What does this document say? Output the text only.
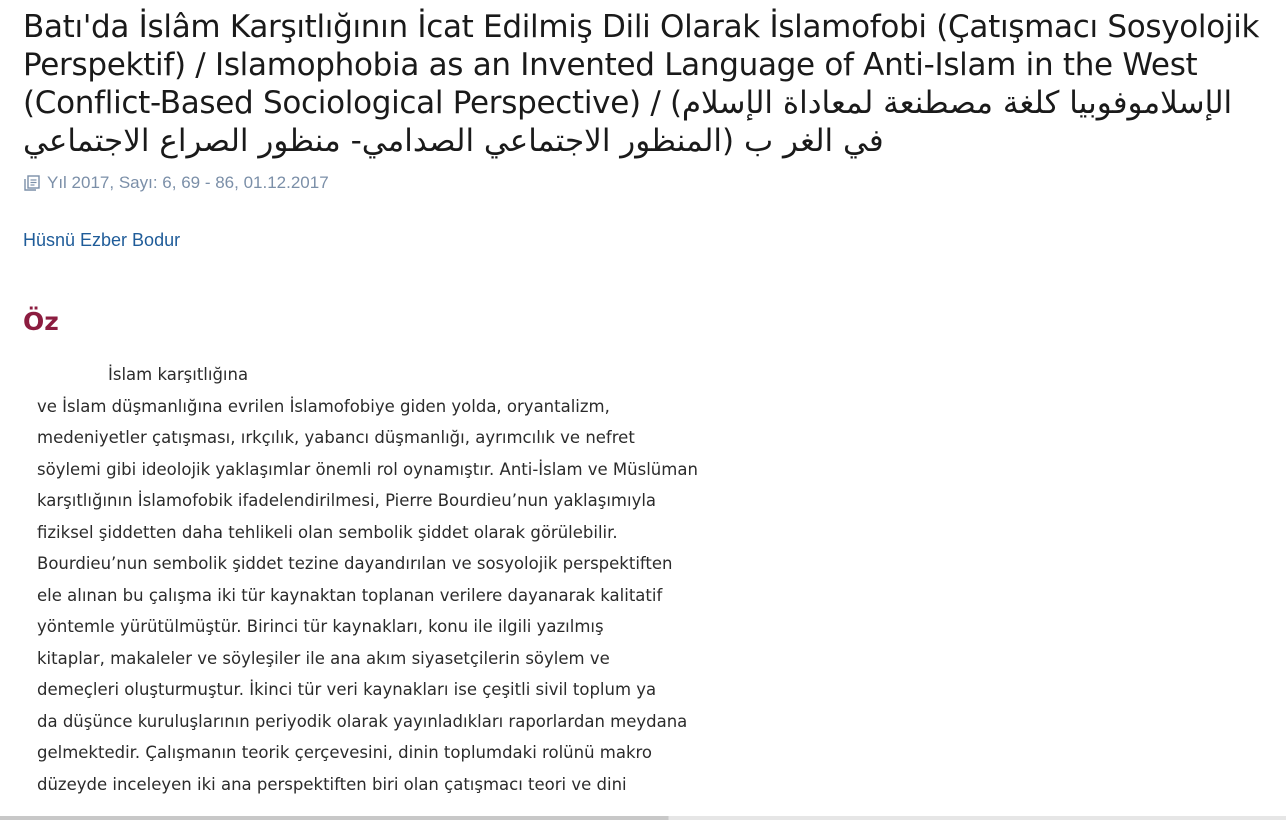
Batı'da İslâm Karşıtlığının İcat Edilmiş Dili Olarak İslamofobi (Çatışmacı Sosyolojik Perspektif) / Islamophobia as an Invented Language of Anti-Islam in the West (Conflict-Based Sociological Perspective) / (الإسلاموفوبيا كلغة مصطنعة لمعاداة الإسلام في الغر ب (المنظور الاجتماعي الصدامي- منظور الصراع الاجتماعي
Yıl 2017, Sayı: 6, 69 - 86, 01.12.2017
Hüsnü Ezber Bodur
Öz
İslam karşıtlığına
ve İslam düşmanlığına evrilen İslamofobiye giden yolda, oryantalizm,
medeniyetler çatışması, ırkçılık, yabancı düşmanlığı, ayrımcılık ve nefret
söylemi gibi ideolojik yaklaşımlar önemli rol oynamıştır. Anti-İslam ve Müslüman
karşıtlığının İslamofobik ifadelendirilmesi, Pierre Bourdieu’nun yaklaşımıyla
fiziksel şiddetten daha tehlikeli olan sembolik şiddet olarak görülebilir.
Bourdieu’nun sembolik şiddet tezine dayandırılan ve sosyolojik perspektiften
ele alınan bu çalışma iki tür kaynaktan toplanan verilere dayanarak kalitatif
yöntemle yürütülmüştür. Birinci tür kaynakları, konu ile ilgili yazılmış
kitaplar, makaleler ve söyleşiler ile ana akım siyasetçilerin söylem ve
demeçleri oluşturmuştur. İkinci tür veri kaynakları ise çeşitli sivil toplum ya
da düşünce kuruluşlarının periyodik olarak yayınladıkları raporlardan meydana
gelmektedir. Çalışmanın teorik çerçevesini, dinin toplumdaki rolünü makro
düzeyde inceleyen iki ana perspektiften biri olan çatışmacı teori ve dini
